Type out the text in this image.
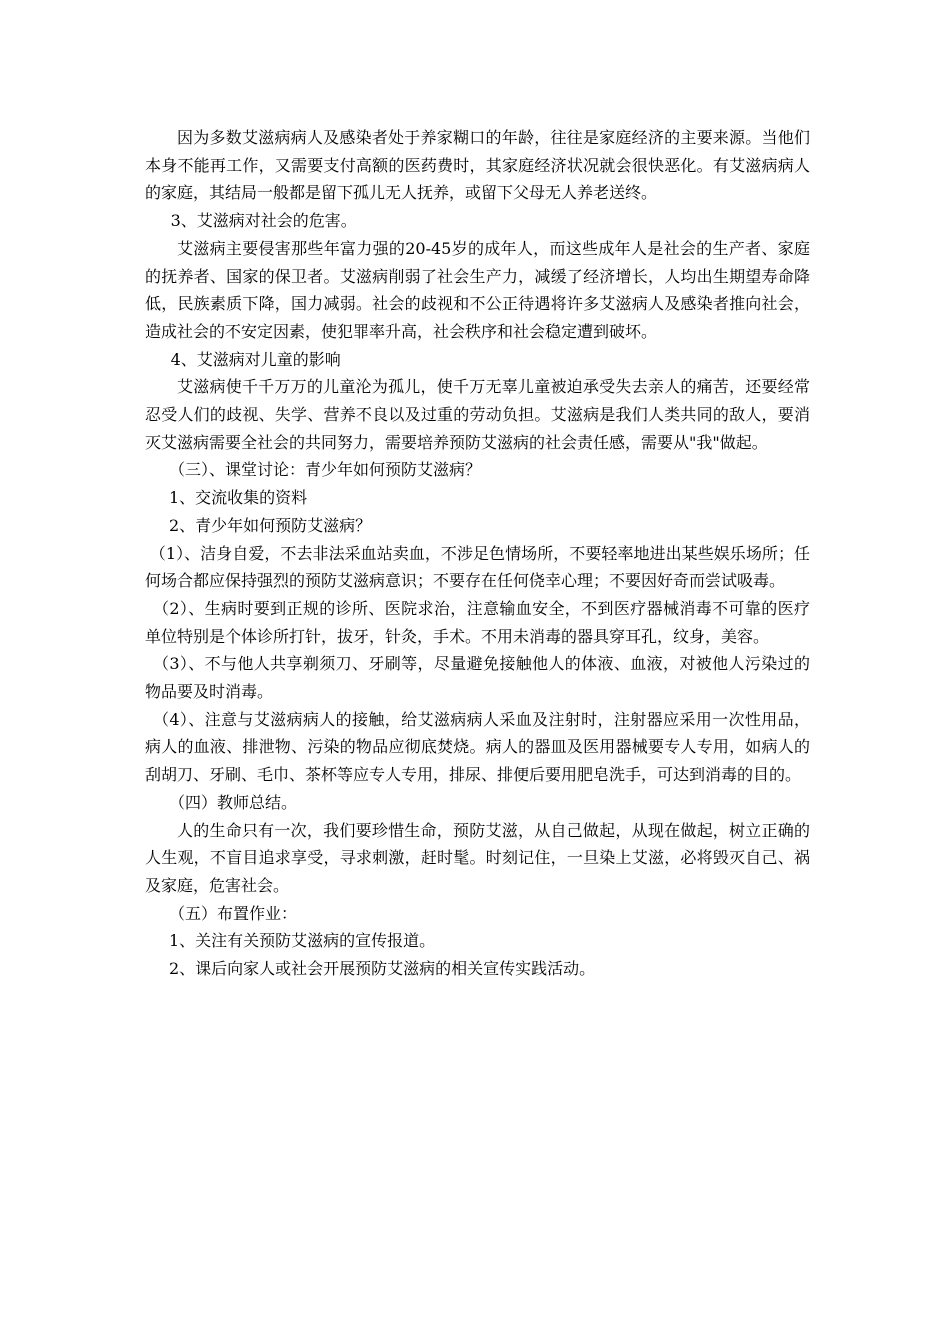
因为多数艾滋病病人及感染者处于养家糊口的年龄，往往是家庭经济的主要来源。当他们本身不能再工作，又需要支付高额的医药费时，其家庭经济状况就会很快恶化。有艾滋病病人的家庭，其结局一般都是留下孤儿无人抚养，或留下父母无人养老送终。

3、艾滋病对社会的危害。

艾滋病主要侵害那些年富力强的20-45岁的成年人，而这些成年人是社会的生产者、家庭的抚养者、国家的保卫者。艾滋病削弱了社会生产力，减缓了经济增长，人均出生期望寿命降低，民族素质下降，国力减弱。社会的歧视和不公正待遇将许多艾滋病人及感染者推向社会，造成社会的不安定因素，使犯罪率升高，社会秩序和社会稳定遭到破坏。

4、艾滋病对儿童的影响

艾滋病使千千万万的儿童沦为孤儿，使千万无辜儿童被迫承受失去亲人的痛苦，还要经常忍受人们的歧视、失学、营养不良以及过重的劳动负担。艾滋病是我们人类共同的敌人，要消灭艾滋病需要全社会的共同努力，需要培养预防艾滋病的社会责任感，需要从"我"做起。

（三）、课堂讨论：青少年如何预防艾滋病？

1、交流收集的资料

2、青少年如何预防艾滋病？

（1）、洁身自爱，不去非法采血站卖血，不涉足色情场所，不要轻率地进出某些娱乐场所；任何场合都应保持强烈的预防艾滋病意识；不要存在任何侥幸心理；不要因好奇而尝试吸毒。

（2）、生病时要到正规的诊所、医院求治，注意输血安全，不到医疗器械消毒不可靠的医疗单位特别是个体诊所打针，拔牙，针灸，手术。不用未消毒的器具穿耳孔，纹身，美容。

（3）、不与他人共享剃须刀、牙刷等，尽量避免接触他人的体液、血液，对被他人污染过的物品要及时消毒。

（4）、注意与艾滋病病人的接触，给艾滋病病人采血及注射时，注射器应采用一次性用品，病人的血液、排泄物、污染的物品应彻底焚烧。病人的器皿及医用器械要专人专用，如病人的刮胡刀、牙刷、毛巾、茶杯等应专人专用，排尿、排便后要用肥皂洗手，可达到消毒的目的。

（四）教师总结。

人的生命只有一次，我们要珍惜生命，预防艾滋，从自己做起，从现在做起，树立正确的人生观，不盲目追求享受，寻求刺激，赶时髦。时刻记住，一旦染上艾滋，必将毁灭自己、祸及家庭，危害社会。

（五）布置作业：

1、关注有关预防艾滋病的宣传报道。

2、课后向家人或社会开展预防艾滋病的相关宣传实践活动。
